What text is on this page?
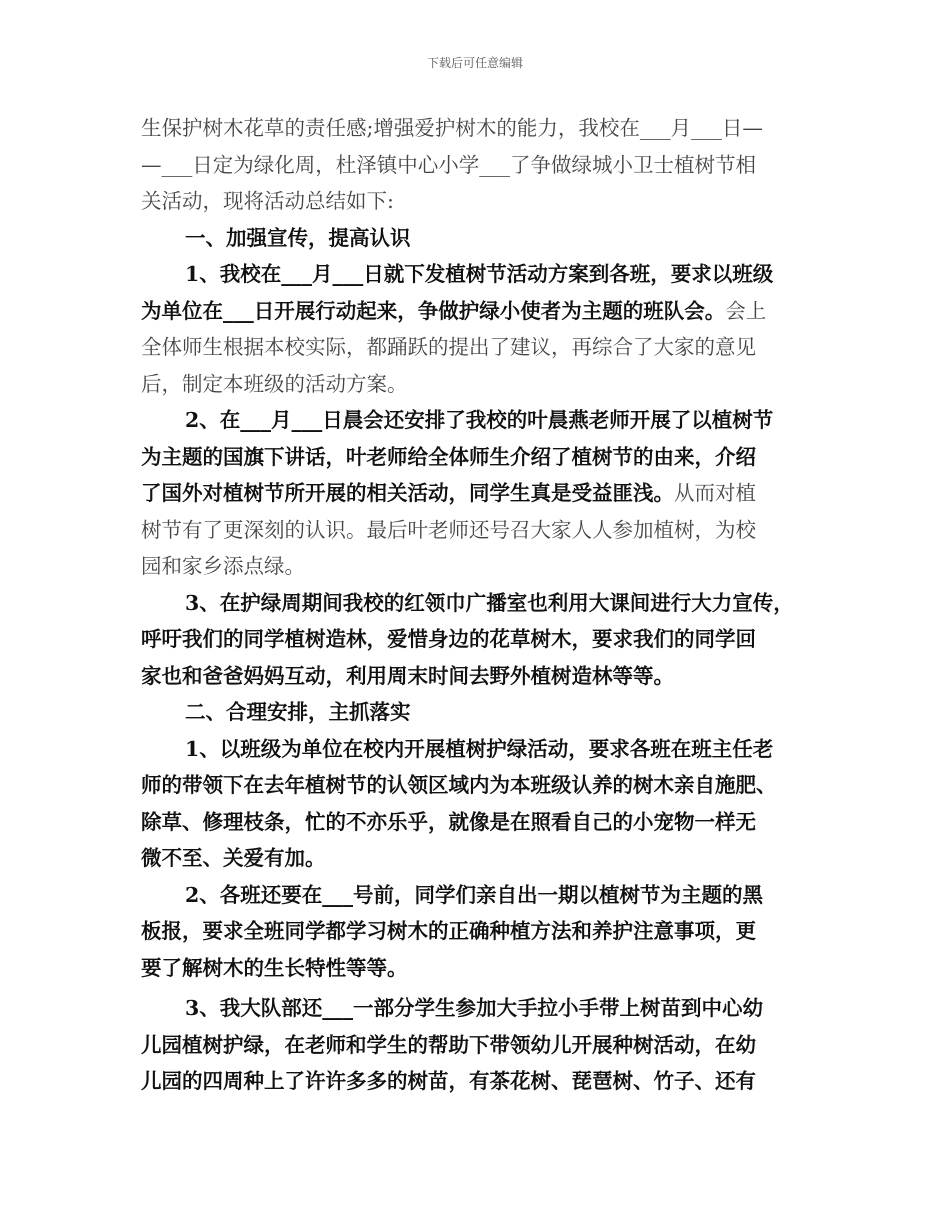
下载后可任意编辑
生保护树木花草的责任感;增强爱护树木的能力，我校在___月___日—
—___日定为绿化周，杜泽镇中心小学___了争做绿城小卫士植树节相
关活动，现将活动总结如下:
一、加强宣传，提高认识
1、我校在___月___日就下发植树节活动方案到各班，要求以班级
为单位在___日开展行动起来，争做护绿小使者为主题的班队会。会上
全体师生根据本校实际，都踊跃的提出了建议，再综合了大家的意见
后，制定本班级的活动方案。
2、在___月___日晨会还安排了我校的叶晨燕老师开展了以植树节
为主题的国旗下讲话，叶老师给全体师生介绍了植树节的由来，介绍
了国外对植树节所开展的相关活动，同学生真是受益匪浅。从而对植
树节有了更深刻的认识。最后叶老师还号召大家人人参加植树，为校
园和家乡添点绿。
3、在护绿周期间我校的红领巾广播室也利用大课间进行大力宣传，
呼吁我们的同学植树造林，爱惜身边的花草树木，要求我们的同学回
家也和爸爸妈妈互动，利用周末时间去野外植树造林等等。
二、合理安排，主抓落实
1、以班级为单位在校内开展植树护绿活动，要求各班在班主任老
师的带领下在去年植树节的认领区域内为本班级认养的树木亲自施肥、
除草、修理枝条，忙的不亦乐乎，就像是在照看自己的小宠物一样无
微不至、关爱有加。
2、各班还要在___号前，同学们亲自出一期以植树节为主题的黑
板报，要求全班同学都学习树木的正确种植方法和养护注意事项，更
要了解树木的生长特性等等。
3、我大队部还___一部分学生参加大手拉小手带上树苗到中心幼
儿园植树护绿，在老师和学生的帮助下带领幼儿开展种树活动，在幼
儿园的四周种上了许许多多的树苗，有茶花树、琵琶树、竹子、还有
